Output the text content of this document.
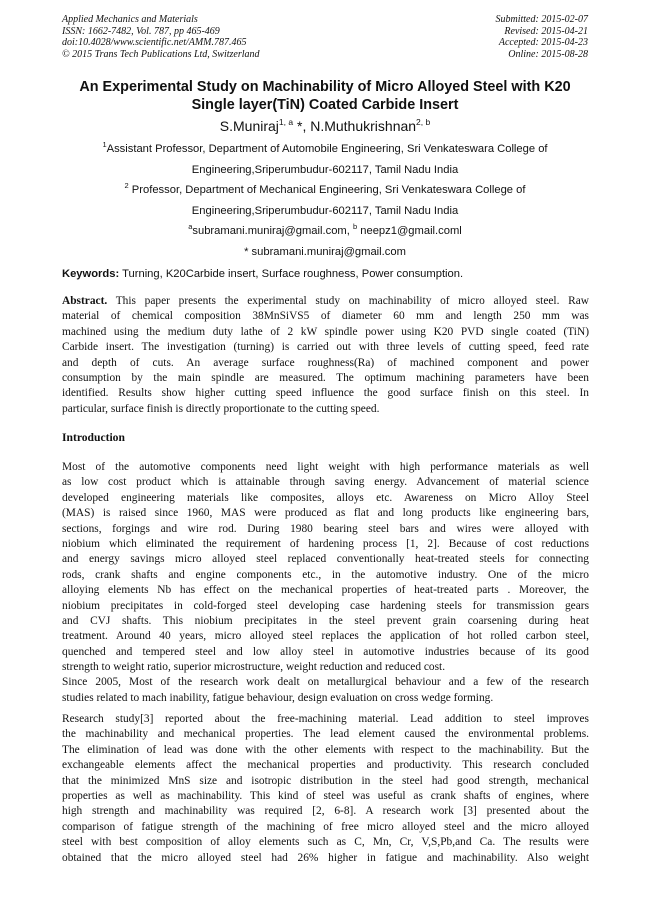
Applied Mechanics and Materials
ISSN: 1662-7482, Vol. 787, pp 465-469
doi:10.4028/www.scientific.net/AMM.787.465
© 2015 Trans Tech Publications Ltd, Switzerland
Submitted: 2015-02-07
Revised: 2015-04-21
Accepted: 2015-04-23
Online: 2015-08-28
An Experimental Study on Machinability of Micro Alloyed Steel with K20
Single layer(TiN) Coated Carbide Insert
S.Muniraj$^{1, a}$ *, N.Muthukrishnan$^{2, b}$
$^1$Assistant Professor, Department of Automobile Engineering, Sri Venkateswara College of
Engineering,Sriperumbudur-602117, Tamil Nadu India
$^2$ Professor, Department of Mechanical Engineering, Sri Venkateswara College of
Engineering,Sriperumbudur-602117, Tamil Nadu India
$^a$subramani.muniraj@gmail.com, $^b$ neepz1@gmail.coml
* subramani.muniraj@gmail.com
Keywords: Turning, K20Carbide insert, Surface roughness, Power consumption.
Abstract. This paper presents the experimental study on machinability of micro alloyed steel. Raw
material of chemical composition 38MnSiVS5 of diameter 60 mm and length 250 mm was
machined using the medium duty lathe of 2 kW spindle power using K20 PVD single coated (TiN)
Carbide insert. The investigation (turning) is carried out with three levels of cutting speed, feed rate
and depth of cuts. An average surface roughness(Ra) of machined component and power
consumption by the main spindle are measured. The optimum machining parameters have been
identified. Results show higher cutting speed influence the good surface finish on this steel. In
particular, surface finish is directly proportionate to the cutting speed.
Introduction
Most of the automotive components need light weight with high performance materials as well
as low cost product which is attainable through saving energy. Advancement of material science
developed engineering materials like composites, alloys etc. Awareness on Micro Alloy Steel
(MAS) is raised since 1960, MAS were produced as flat and long products like engineering bars,
sections, forgings and wire rod. During 1980 bearing steel bars and wires were alloyed with
niobium which eliminated the requirement of hardening process [1, 2]. Because of cost reductions
and energy savings micro alloyed steel replaced conventionally heat-treated steels for connecting
rods, crank shafts and engine components etc., in the automotive industry. One of the micro
alloying elements Nb has effect on the mechanical properties of heat-treated parts . Moreover, the
niobium precipitates in cold-forged steel developing case hardening steels for transmission gears
and CVJ shafts. This niobium precipitates in the steel prevent grain coarsening during heat
treatment. Around 40 years, micro alloyed steel replaces the application of hot rolled carbon steel,
quenched and tempered steel and low alloy steel in automotive industries because of its good
strength to weight ratio, superior microstructure, weight reduction and reduced cost.
Since 2005, Most of the research work dealt on metallurgical behaviour and a few of the research
studies related to mach inability, fatigue behaviour, design evaluation on cross wedge forming.
Research study[3] reported about the free-machining material. Lead addition to steel improves
the machinability and mechanical properties. The lead element caused the environmental problems.
The elimination of lead was done with the other elements with respect to the machinability. But the
exchangeable elements affect the mechanical properties and productivity. This research concluded
that the minimized MnS size and isotropic distribution in the steel had good strength, mechanical
properties as well as machinability. This kind of steel was useful as crank shafts of engines, where
high strength and machinability was required [2, 6-8]. A research work [3] presented about the
comparison of fatigue strength of the machining of free micro alloyed steel and the micro alloyed
steel with best composition of alloy elements such as C, Mn, Cr, V,S,Pb,and Ca. The results were
obtained that the micro alloyed steel had 26% higher in fatigue and machinability. Also weight
